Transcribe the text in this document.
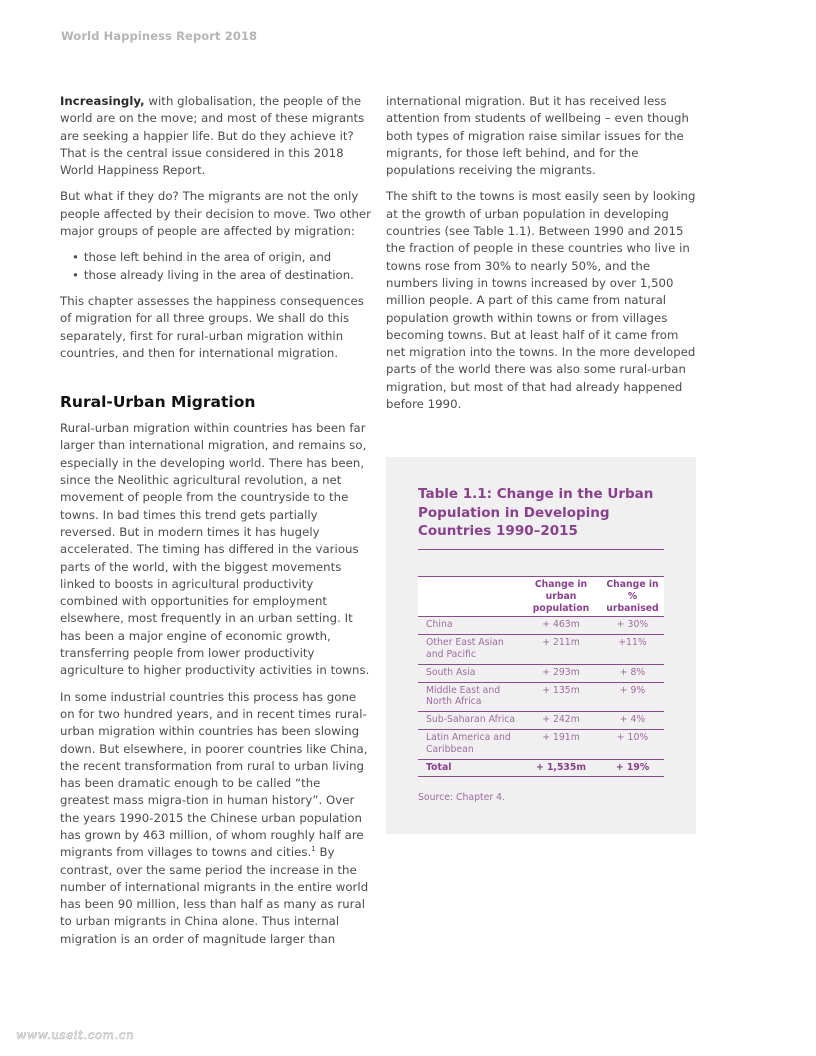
World Happiness Report 2018

Increasingly, with globalisation, the people of the world are on the move; and most of these migrants are seeking a happier life. But do they achieve it? That is the central issue considered in this 2018 World Happiness Report.

But what if they do? The migrants are not the only people affected by their decision to move. Two other major groups of people are affected by migration:

• those left behind in the area of origin, and
• those already living in the area of destination.

This chapter assesses the happiness consequences of migration for all three groups. We shall do this separately, first for rural-urban migration within countries, and then for international migration.

Rural-Urban Migration

Rural-urban migration within countries has been far larger than international migration, and remains so, especially in the developing world. There has been, since the Neolithic agricultural revolution, a net movement of people from the countryside to the towns. In bad times this trend gets partially reversed. But in modern times it has hugely accelerated. The timing has differed in the various parts of the world, with the biggest movements linked to boosts in agricultural productivity combined with opportunities for employment elsewhere, most frequently in an urban setting. It has been a major engine of economic growth, transferring people from lower productivity agriculture to higher productivity activities in towns.

In some industrial countries this process has gone on for two hundred years, and in recent times rural-urban migration within countries has been slowing down. But elsewhere, in poorer countries like China, the recent transformation from rural to urban living has been dramatic enough to be called “the greatest mass migra-tion in human history”. Over the years 1990-2015 the Chinese urban population has grown by 463 million, of whom roughly half are migrants from villages to towns and cities.$^1$ By contrast, over the same period the increase in the number of international migrants in the entire world has been 90 million, less than half as many as rural to urban migrants in China alone. Thus internal migration is an order of magnitude larger than

international migration. But it has received less attention from students of wellbeing – even though both types of migration raise similar issues for the migrants, for those left behind, and for the populations receiving the migrants.

The shift to the towns is most easily seen by looking at the growth of urban population in developing countries (see Table 1.1). Between 1990 and 2015 the fraction of people in these countries who live in towns rose from 30% to nearly 50%, and the numbers living in towns increased by over 1,500 million people. A part of this came from natural population growth within towns or from villages becoming towns. But at least half of it came from net migration into the towns. In the more developed parts of the world there was also some rural-urban migration, but most of that had already happened before 1990.

Table 1.1: Change in the Urban Population in Developing Countries 1990–2015
	Change in urban population	Change in % urbanised
China	+ 463m	+ 30%
Other East Asian and Pacific	+ 211m	+11%
South Asia	+ 293m	+ 8%
Middle East and North Africa	+ 135m	+ 9%
Sub-Saharan Africa	+ 242m	+ 4%
Latin America and Caribbean	+ 191m	+ 10%
Total	+ 1,535m	+ 19%
Source: Chapter 4.
www.useit.com.cn
